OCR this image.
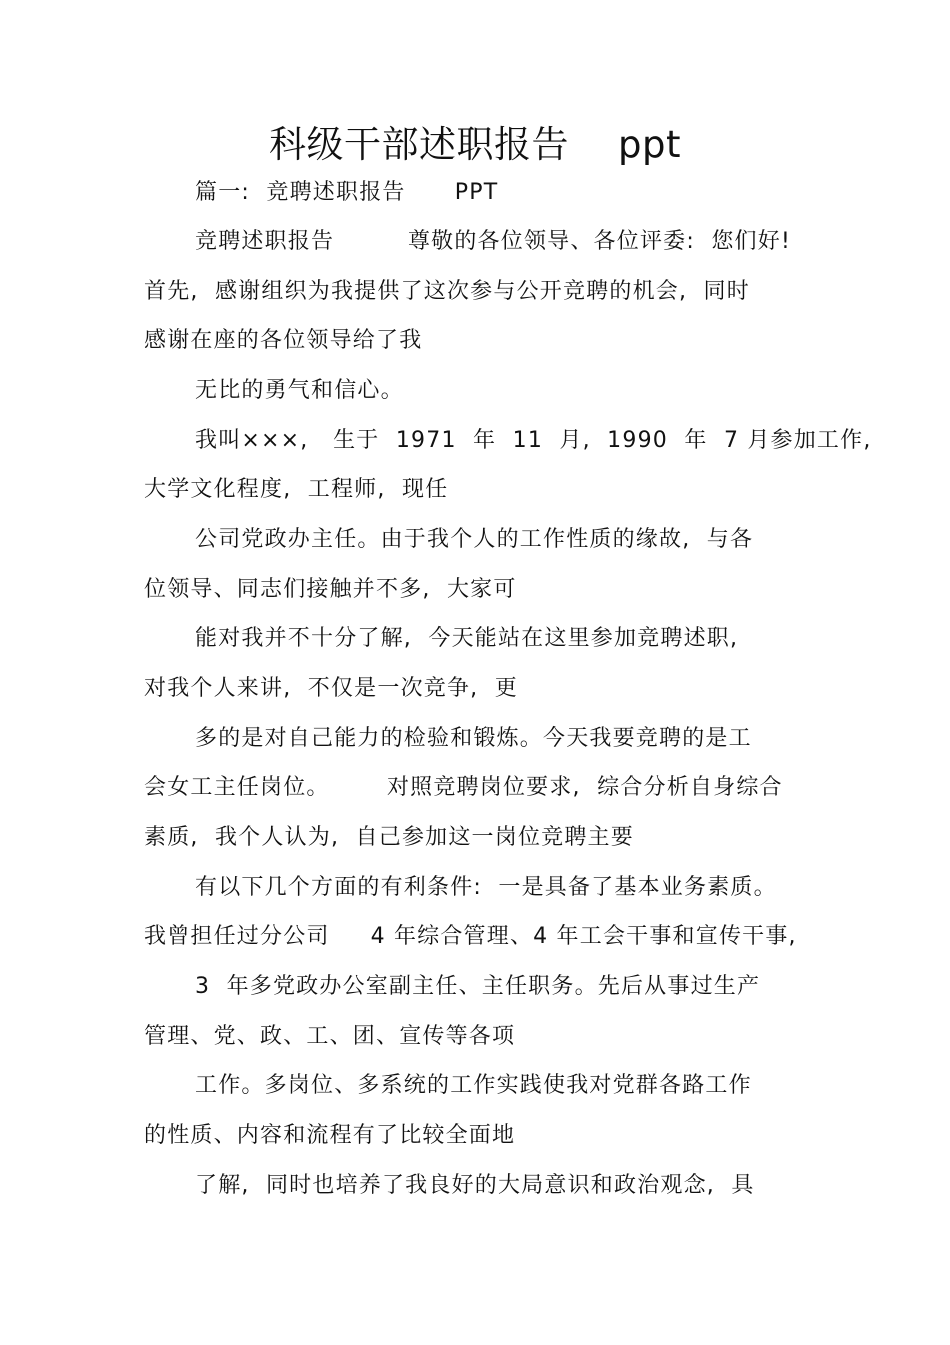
科级干部述职报告    ppt
篇一:  竞聘述职报告      PPT
竞聘述职报告         尊敬的各位领导、各位评委:  您们好!
首先,  感谢组织为我提供了这次参与公开竞聘的机会,  同时
感谢在座的各位领导给了我
无比的勇气和信心。
我叫×××,   生于  1971  年  11  月,  1990  年  7 月参加工作,
大学文化程度,  工程师,  现任
公司党政办主任。由于我个人的工作性质的缘故,  与各
位领导、同志们接触并不多,  大家可
能对我并不十分了解,  今天能站在这里参加竞聘述职,
对我个人来讲,  不仅是一次竞争,  更
多的是对自己能力的检验和锻炼。今天我要竞聘的是工
会女工主任岗位。       对照竞聘岗位要求,  综合分析自身综合
素质,  我个人认为,  自己参加这一岗位竞聘主要
有以下几个方面的有利条件:  一是具备了基本业务素质。
我曾担任过分公司     4 年综合管理、4 年工会干事和宣传干事,
3  年多党政办公室副主任、主任职务。先后从事过生产
管理、党、政、工、团、宣传等各项
工作。多岗位、多系统的工作实践使我对党群各路工作
的性质、内容和流程有了比较全面地
了解,  同时也培养了我良好的大局意识和政治观念,  具
